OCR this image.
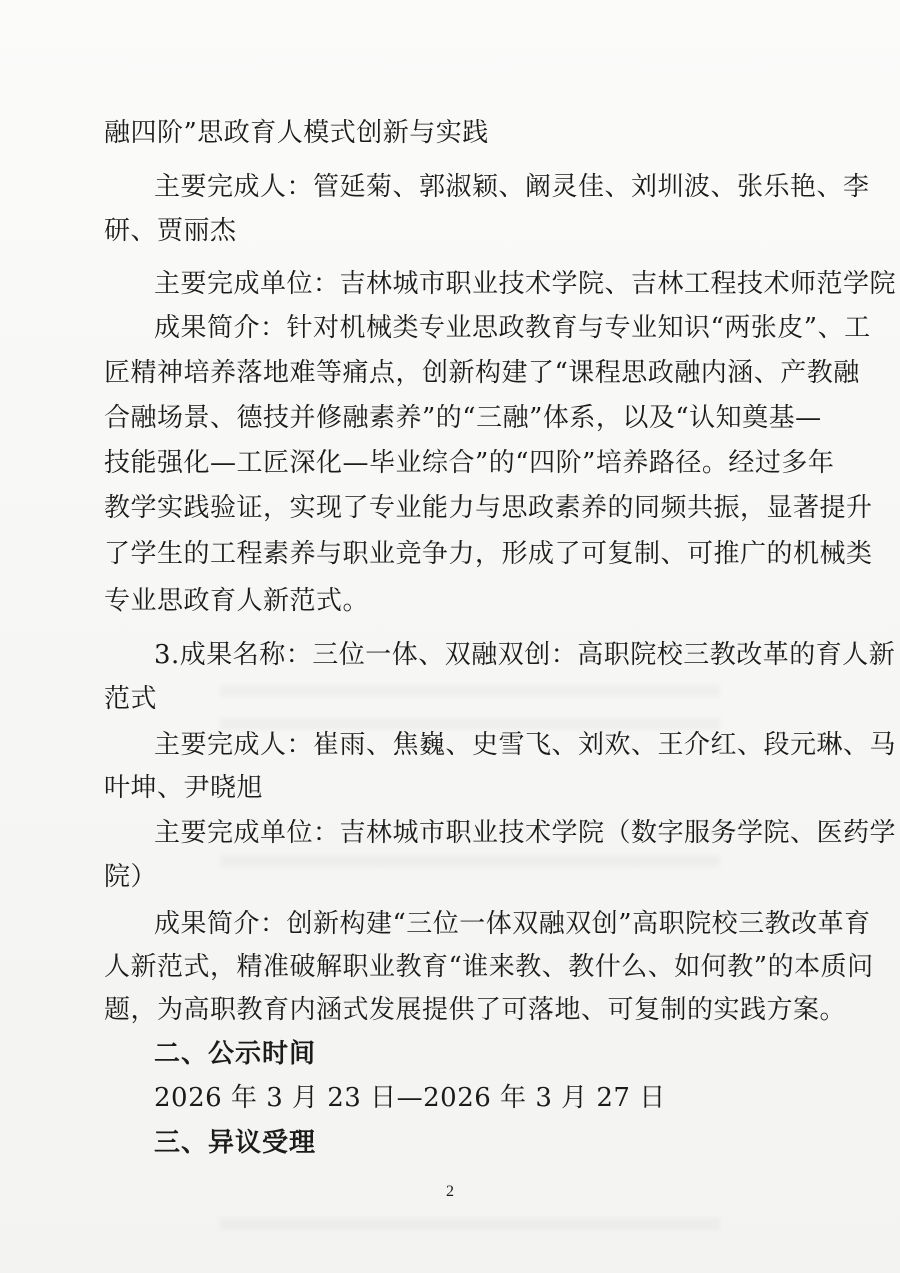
融四阶”思政育人模式创新与实践
主要完成人：管延菊、郭淑颖、阚灵佳、刘圳波、张乐艳、李
研、贾丽杰
主要完成单位：吉林城市职业技术学院、吉林工程技术师范学院
成果简介：针对机械类专业思政教育与专业知识“两张皮”、工
匠精神培养落地难等痛点，创新构建了“课程思政融内涵、产教融
合融场景、德技并修融素养”的“三融”体系，以及“认知奠基—
技能强化—工匠深化—毕业综合”的“四阶”培养路径。经过多年
教学实践验证，实现了专业能力与思政素养的同频共振，显著提升
了学生的工程素养与职业竞争力，形成了可复制、可推广的机械类
专业思政育人新范式。
3.成果名称：三位一体、双融双创：高职院校三教改革的育人新
范式
主要完成人：崔雨、焦巍、史雪飞、刘欢、王介红、段元琳、马
叶坤、尹晓旭
主要完成单位：吉林城市职业技术学院（数字服务学院、医药学
院）
成果简介：创新构建“三位一体双融双创”高职院校三教改革育
人新范式，精准破解职业教育“谁来教、教什么、如何教”的本质问
题，为高职教育内涵式发展提供了可落地、可复制的实践方案。
二、公示时间
2026 年 3 月 23 日—2026 年 3 月 27 日
三、异议受理
2
